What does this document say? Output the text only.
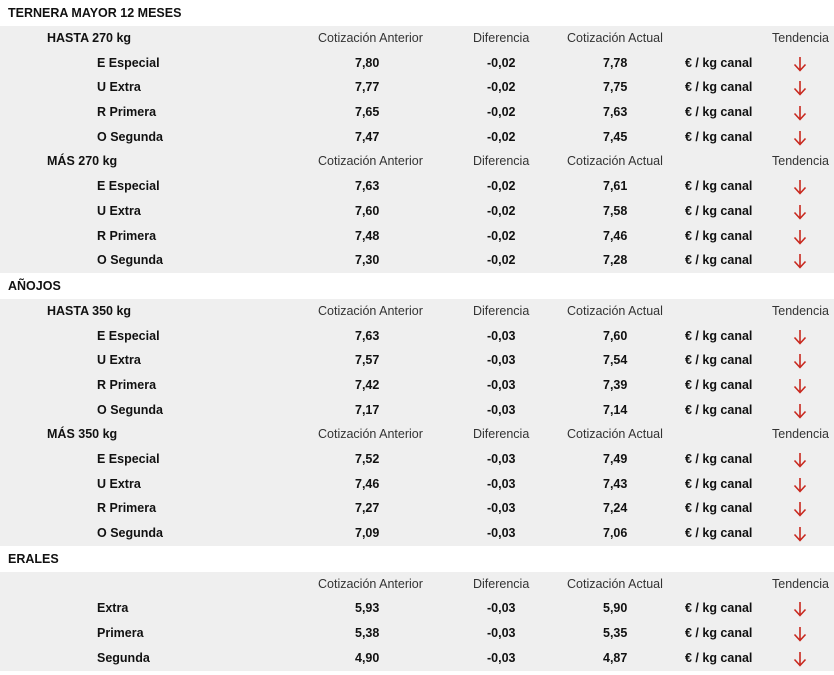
TERNERA MAYOR 12 MESES
HASTA 270 kg	Cotización Anterior	Diferencia	Cotización Actual	Tendencia
E Especial	7,80	-0,02	7,78	€ / kg canal
U Extra	7,77	-0,02	7,75	€ / kg canal
R Primera	7,65	-0,02	7,63	€ / kg canal
O Segunda	7,47	-0,02	7,45	€ / kg canal
MÁS 270 kg	Cotización Anterior	Diferencia	Cotización Actual	Tendencia
E Especial	7,63	-0,02	7,61	€ / kg canal
U Extra	7,60	-0,02	7,58	€ / kg canal
R Primera	7,48	-0,02	7,46	€ / kg canal
O Segunda	7,30	-0,02	7,28	€ / kg canal
AÑOJOS
HASTA 350 kg	Cotización Anterior	Diferencia	Cotización Actual	Tendencia
E Especial	7,63	-0,03	7,60	€ / kg canal
U Extra	7,57	-0,03	7,54	€ / kg canal
R Primera	7,42	-0,03	7,39	€ / kg canal
O Segunda	7,17	-0,03	7,14	€ / kg canal
MÁS 350 kg	Cotización Anterior	Diferencia	Cotización Actual	Tendencia
E Especial	7,52	-0,03	7,49	€ / kg canal
U Extra	7,46	-0,03	7,43	€ / kg canal
R Primera	7,27	-0,03	7,24	€ / kg canal
O Segunda	7,09	-0,03	7,06	€ / kg canal
ERALES
Cotización Anterior	Diferencia	Cotización Actual	Tendencia
Extra	5,93	-0,03	5,90	€ / kg canal
Primera	5,38	-0,03	5,35	€ / kg canal
Segunda	4,90	-0,03	4,87	€ / kg canal
